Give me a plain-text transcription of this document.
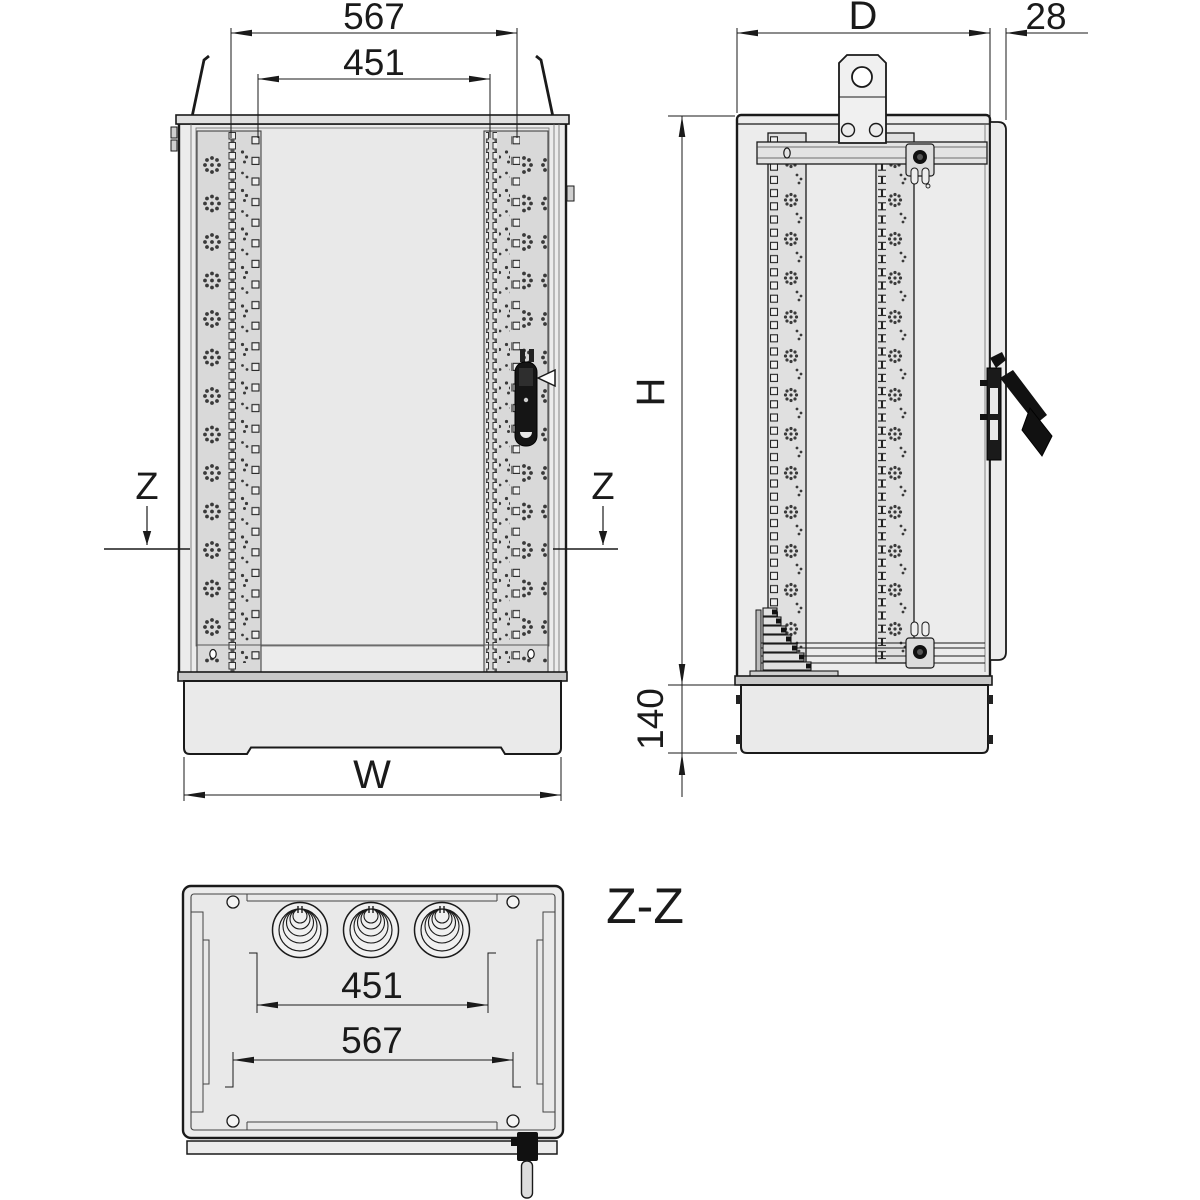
567
451
Z	Z
W
D	28
H
140
451
567
Z-Z
